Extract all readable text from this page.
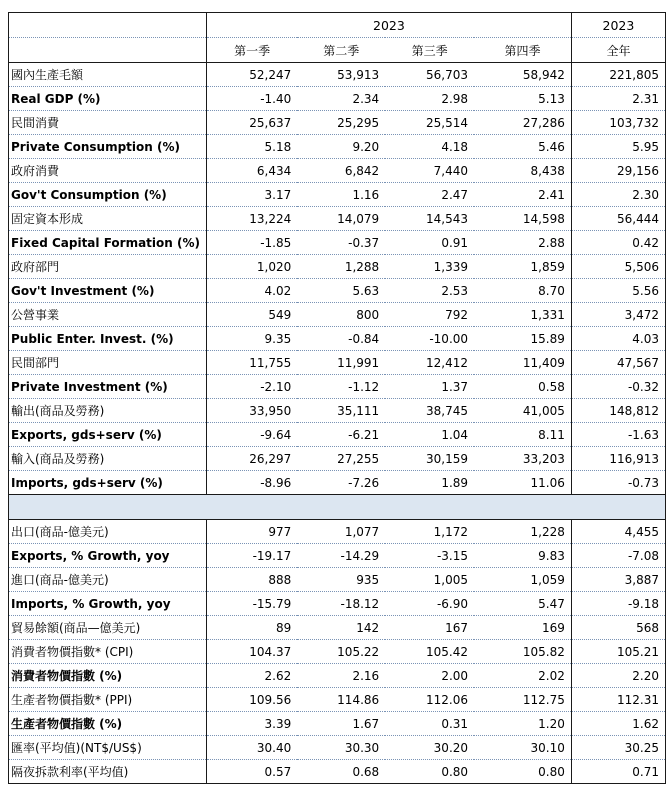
	2023				2023
	第一季	第二季	第三季	第四季	全年
國內生產毛額	52,247	53,913	56,703	58,942	221,805
Real GDP (%)	-1.40	2.34	2.98	5.13	2.31
民間消費	25,637	25,295	25,514	27,286	103,732
Private Consumption (%)	5.18	9.20	4.18	5.46	5.95
政府消費	6,434	6,842	7,440	8,438	29,156
Gov't Consumption (%)	3.17	1.16	2.47	2.41	2.30
固定資本形成	13,224	14,079	14,543	14,598	56,444
Fixed Capital Formation (%)	-1.85	-0.37	0.91	2.88	0.42
政府部門	1,020	1,288	1,339	1,859	5,506
Gov't Investment (%)	4.02	5.63	2.53	8.70	5.56
公營事業	549	800	792	1,331	3,472
Public Enter. Invest. (%)	9.35	-0.84	-10.00	15.89	4.03
民間部門	11,755	11,991	12,412	11,409	47,567
Private Investment (%)	-2.10	-1.12	1.37	0.58	-0.32
輸出(商品及勞務)	33,950	35,111	38,745	41,005	148,812
Exports, gds+serv (%)	-9.64	-6.21	1.04	8.11	-1.63
輸入(商品及勞務)	26,297	27,255	30,159	33,203	116,913
Imports, gds+serv (%)	-8.96	-7.26	1.89	11.06	-0.73

出口(商品-億美元)	977	1,077	1,172	1,228	4,455
Exports, % Growth, yoy	-19.17	-14.29	-3.15	9.83	-7.08
進口(商品-億美元)	888	935	1,005	1,059	3,887
Imports, % Growth, yoy	-15.79	-18.12	-6.90	5.47	-9.18
貿易餘額(商品—億美元)	89	142	167	169	568
消費者物價指數* (CPI)	104.37	105.22	105.42	105.82	105.21
消費者物價指數 (%)	2.62	2.16	2.00	2.02	2.20
生產者物價指數* (PPI)	109.56	114.86	112.06	112.75	112.31
生產者物價指數 (%)	3.39	1.67	0.31	1.20	1.62
匯率(平均值)(NT$/US$)	30.40	30.30	30.20	30.10	30.25
隔夜拆款利率(平均值)	0.57	0.68	0.80	0.80	0.71
